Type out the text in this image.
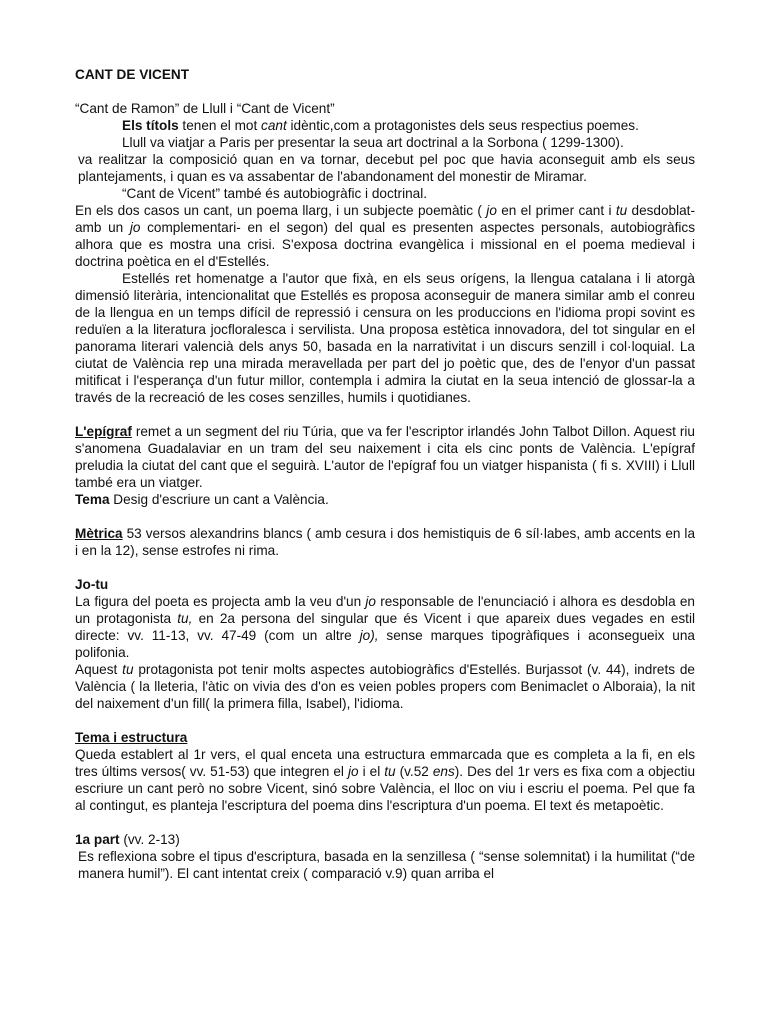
CANT DE VICENT

“Cant de Ramon” de Llull i “Cant de Vicent”

Els títols tenen el mot cant idèntic,com a protagonistes dels seus respectius poemes.

Llull va viatjar a Paris per presentar la seua art doctrinal a la Sorbona ( 1299-1300).

va realitzar la composició quan en va tornar, decebut pel poc que havia aconseguit amb els seus plantejaments, i quan es va assabentar de l'abandonament del monestir de Miramar.

“Cant de Vicent” també és autobiogràfic i doctrinal.

En els dos casos un cant, un poema llarg, i un subjecte poemàtic ( jo en el primer cant i tu desdoblat- amb un jo complementari- en el segon) del qual es presenten aspectes personals, autobiogràfics alhora que es mostra una crisi. S'exposa doctrina evangèlica i missional en el poema medieval i doctrina poètica en el d'Estellés.

Estellés ret homenatge a l'autor que fixà, en els seus orígens, la llengua catalana i li atorgà dimensió literària, intencionalitat que Estellés es proposa aconseguir de manera similar amb el conreu de la llengua en un temps difícil de repressió i censura on les produccions en l'idioma propi sovint es reduïen a la literatura jocfloralesca i servilista. Una proposa estètica innovadora, del tot singular en el panorama literari valencià dels anys 50, basada en la narrativitat i un discurs senzill i col·loquial. La ciutat de València rep una mirada meravellada per part del jo poètic que, des de l'enyor d'un passat mitificat i l'esperança d'un futur millor, contempla i admira la ciutat en la seua intenció de glossar-la a través de la recreació de les coses senzilles, humils i quotidianes.

L'epígraf remet a un segment del riu Túria, que va fer l'escriptor irlandés John Talbot Dillon. Aquest riu s'anomena Guadalaviar en un tram del seu naixement i cita els cinc ponts de València. L'epígraf preludia la ciutat del cant que el seguirà. L'autor de l'epígraf fou un viatger hispanista ( fi s. XVIII) i Llull també era un viatger.

Tema Desig d'escriure un cant a València.

Mètrica 53 versos alexandrins blancs ( amb cesura i dos hemistiquis de 6 síl·labes, amb accents en la i en la 12), sense estrofes ni rima.

Jo-tu

La figura del poeta es projecta amb la veu d'un jo responsable de l'enunciació i alhora es desdobla en un protagonista tu, en 2a persona del singular que és Vicent i que apareix dues vegades en estil directe: vv. 11-13, vv. 47-49 (com un altre jo), sense marques tipogràfiques i aconsegueix una polifonia.

Aquest tu protagonista pot tenir molts aspectes autobiogràfics d'Estellés. Burjassot (v. 44), indrets de València ( la lleteria, l'àtic on vivia des d'on es veien pobles propers com Benimaclet o Alboraia), la nit del naixement d'un fill( la primera filla, Isabel), l'idioma.

Tema i estructura

Queda establert al 1r vers, el qual enceta una estructura emmarcada que es completa a la fi, en els tres últims versos( vv. 51-53) que integren el jo i el tu (v.52 ens). Des del 1r vers es fixa com a objectiu escriure un cant però no sobre Vicent, sinó sobre València, el lloc on viu i escriu el poema. Pel que fa al contingut, es planteja l'escriptura del poema dins l'escriptura d'un poema. El text és metapoètic.

1a part (vv. 2-13)

Es reflexiona sobre el tipus d'escriptura, basada en la senzillesa ( “sense solemnitat) i la humilitat (“de manera humil”). El cant intentat creix ( comparació v.9) quan arriba el
